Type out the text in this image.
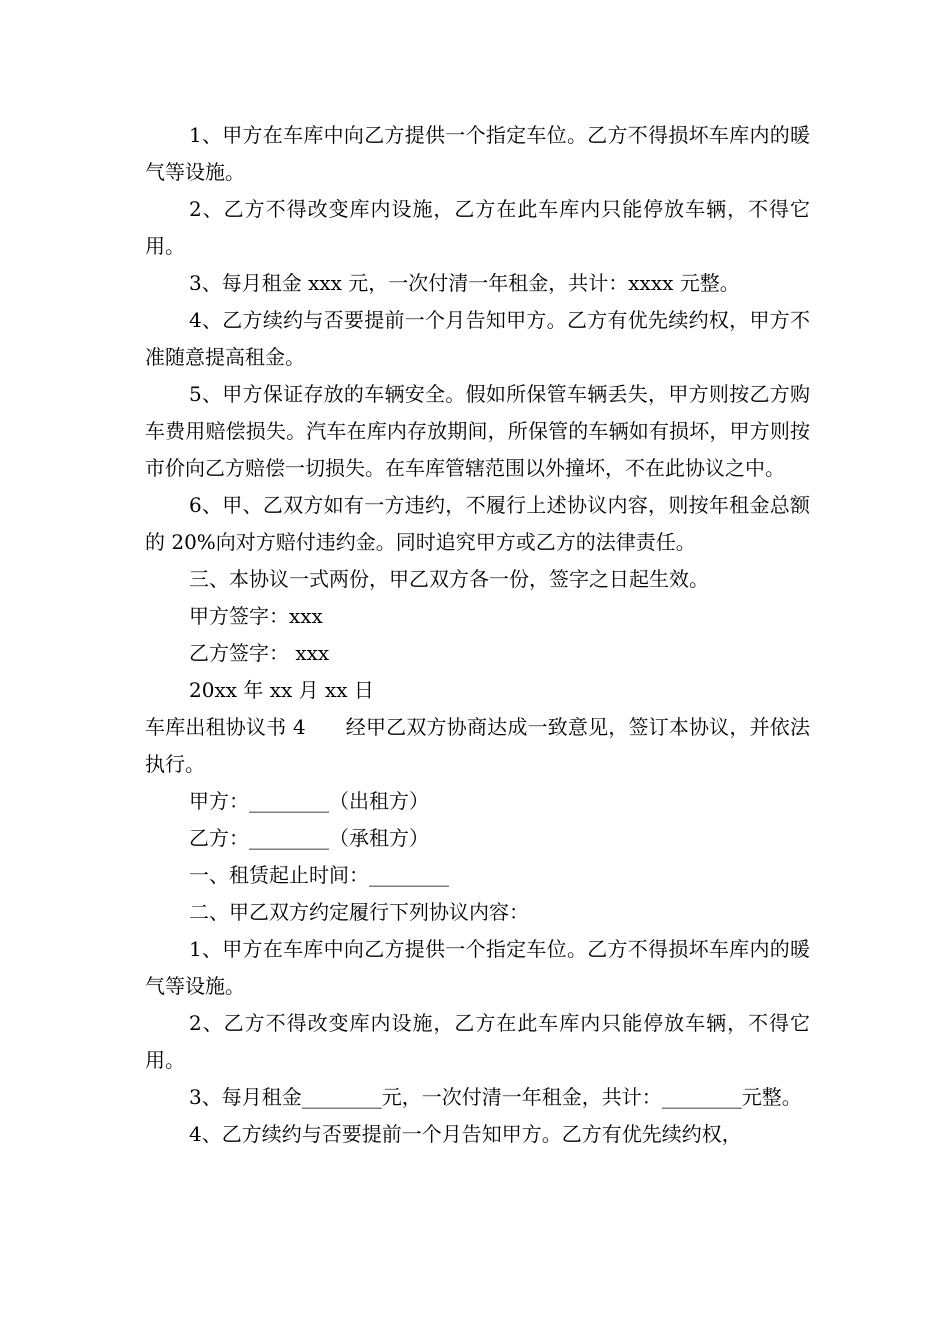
1、甲方在车库中向乙方提供一个指定车位。乙方不得损坏车库内的暖气等设施。

2、乙方不得改变库内设施，乙方在此车库内只能停放车辆，不得它用。

3、每月租金 xxx 元，一次付清一年租金，共计：xxxx 元整。

4、乙方续约与否要提前一个月告知甲方。乙方有优先续约权，甲方不准随意提高租金。

5、甲方保证存放的车辆安全。假如所保管车辆丢失，甲方则按乙方购车费用赔偿损失。汽车在库内存放期间，所保管的车辆如有损坏，甲方则按市价向乙方赔偿一切损失。在车库管辖范围以外撞坏，不在此协议之中。

6、甲、乙双方如有一方违约，不履行上述协议内容，则按年租金总额的 20%向对方赔付违约金。同时追究甲方或乙方的法律责任。

三、本协议一式两份，甲乙双方各一份，签字之日起生效。

甲方签字：xxx

乙方签字： xxx

20xx 年 xx 月 xx 日

车库出租协议书 4 经甲乙双方协商达成一致意见，签订本协议，并依法执行。

甲方：________（出租方）

乙方：________（承租方）

一、租赁起止时间：________

二、甲乙双方约定履行下列协议内容：

1、甲方在车库中向乙方提供一个指定车位。乙方不得损坏车库内的暖气等设施。

2、乙方不得改变库内设施，乙方在此车库内只能停放车辆，不得它用。

3、每月租金________元，一次付清一年租金，共计：________元整。

4、乙方续约与否要提前一个月告知甲方。乙方有优先续约权，
